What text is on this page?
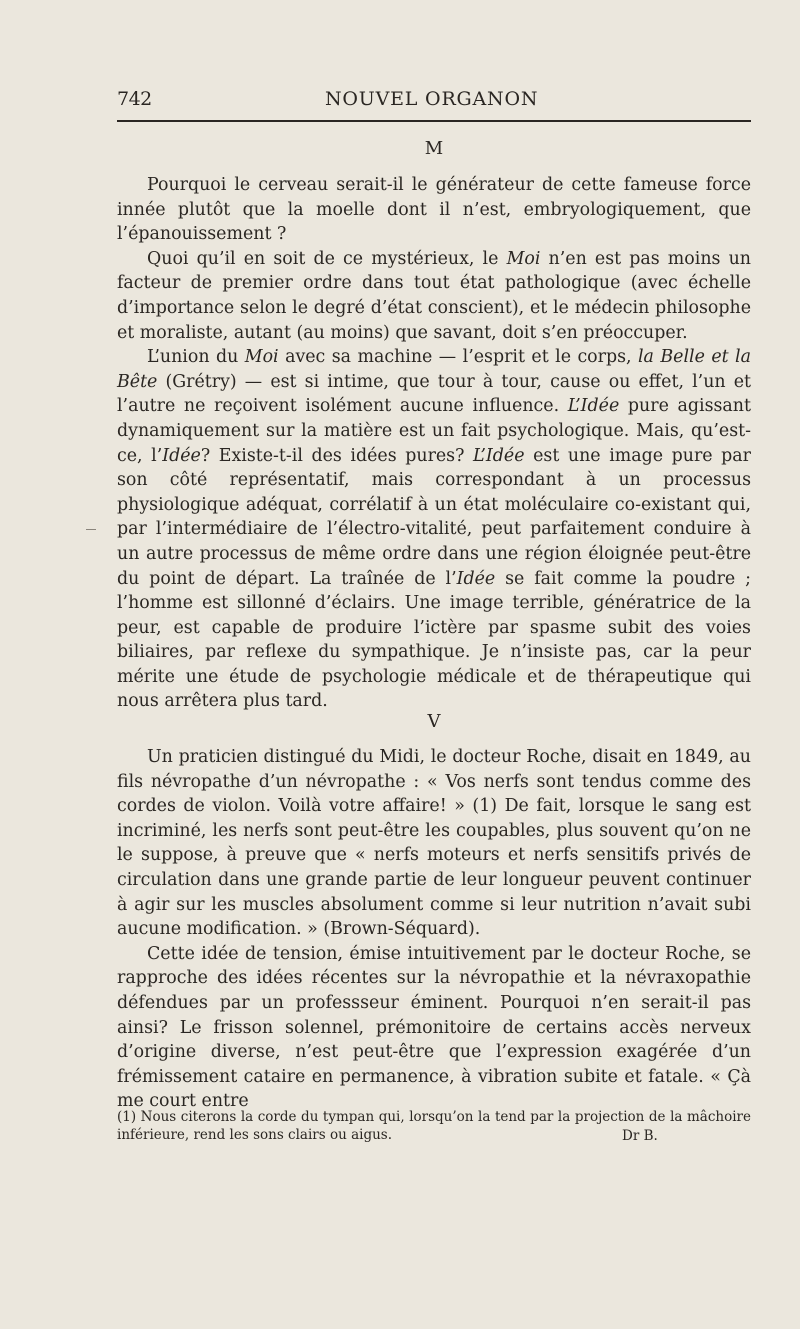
742	NOUVEL ORGANON
M

Pourquoi le cerveau serait-il le générateur de cette fameuse force innée plutôt que la moelle dont il n’est, embryologiquement, que l’épanouissement ?

Quoi qu’il en soit de ce mystérieux, le Moi n’en est pas moins un facteur de premier ordre dans tout état pathologique (avec échelle d’importance selon le degré d’état conscient), et le médecin philosophe et moraliste, autant (au moins) que savant, doit s’en préoccuper.

L’union du Moi avec sa machine — l’esprit et le corps, la Belle et la Bête (Grétry) — est si intime, que tour à tour, cause ou effet, l’un et l’autre ne reçoivent isolément aucune influence. L’Idée pure agissant dynamiquement sur la matière est un fait psychologique. Mais, qu’est-ce, l’Idée? Existe-t-il des idées pures? L’Idée est une image pure par son côté représentatif, mais correspondant à un processus physiologique adéquat, corrélatif à un état moléculaire co-existant qui, par l’intermédiaire de l’électro-vitalité, peut parfaitement conduire à un autre processus de même ordre dans une région éloignée peut-être du point de départ. La traînée de l’Idée se fait comme la poudre ; l’homme est sillonné d’éclairs. Une image terrible, génératrice de la peur, est capable de produire l’ictère par spasme subit des voies biliaires, par reflexe du sympathique. Je n’insiste pas, car la peur mérite une étude de psychologie médicale et de thérapeutique qui nous arrêtera plus tard.

V

Un praticien distingué du Midi, le docteur Roche, disait en 1849, au fils névropathe d’un névropathe : « Vos nerfs sont tendus comme des cordes de violon. Voilà votre affaire! » (1) De fait, lorsque le sang est incriminé, les nerfs sont peut-être les coupables, plus souvent qu’on ne le suppose, à preuve que « nerfs moteurs et nerfs sensitifs privés de circulation dans une grande partie de leur longueur peuvent continuer à agir sur les muscles absolument comme si leur nutrition n’avait subi aucune modification. » (Brown-Séquard).

Cette idée de tension, émise intuitivement par le docteur Roche, se rapproche des idées récentes sur la névropathie et la névraxopathie défendues par un professseur éminent. Pourquoi n’en serait-il pas ainsi? Le frisson solennel, prémonitoire de certains accès nerveux d’origine diverse, n’est peut-être que l’expression exagérée d’un frémissement cataire en permanence, à vibration subite et fatale. « Çà me court entre

(1) Nous citerons la corde du tympan qui, lorsqu’on la tend par la projection de la mâchoire inférieure, rend les sons clairs ou aigus.	Dr B.
